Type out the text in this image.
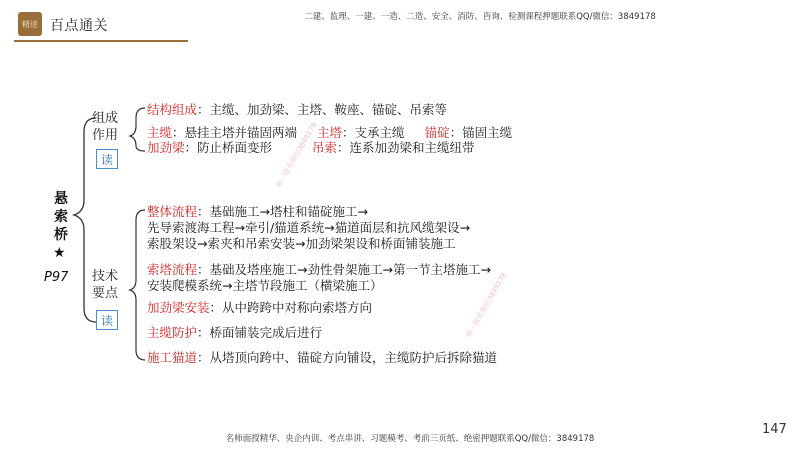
精进 百点通关
二建、监理、一建、一造、二造、安全、消防、咨询、检测课程押题联系QQ/微信：3849178
悬索桥
★
P97
组成
作用
读
结构组成：主缆、加劲梁、主塔、鞍座、锚碇、吊索等
主缆：悬挂主塔并锚固两端 主塔：支承主缆 锚碇：锚固主缆
加劲梁：防止桥面变形	吊索：连系加劲梁和主缆纽带
技术
要点
读
整体流程：基础施工→塔柱和锚碇施工→
先导索渡海工程→牵引/猫道系统→猫道面层和抗风缆架设→
索股架设→索夹和吊索安装→加劲梁架设和桥面铺装施工
索塔流程：基础及塔座施工→劲性骨架施工→第一节主塔施工→
安装爬模系统→主塔节段施工（横梁施工）
加劲梁安装：从中跨跨中对称向索塔方向
主缆防护：桥面铺装完成后进行
施工猫道：从塔顶向跨中、锚碇方向铺设，主缆防护后拆除猫道
唯一联系微信3849178
唯一联系微信3849178
名师面授精华、央企内训、考点串讲、习题模考、考前三页纸、绝密押题联系QQ/微信：3849178
147
